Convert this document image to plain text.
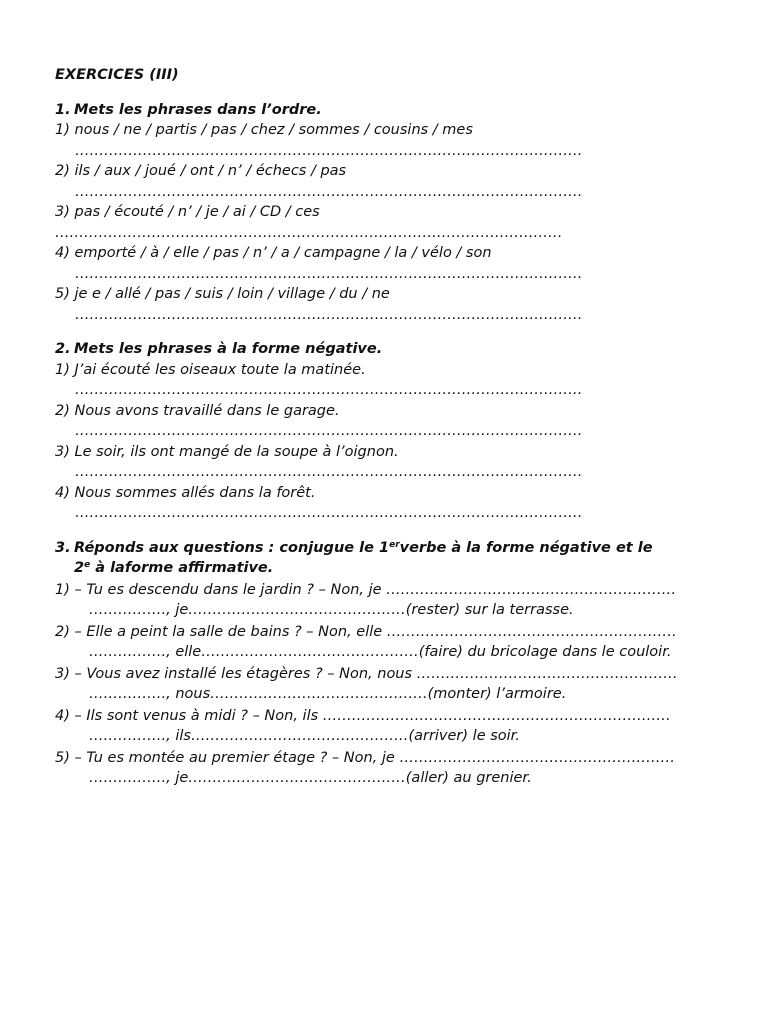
EXERCICES (III)
1. Mets les phrases dans l’ordre.
1) nous / ne / partis / pas / chez / sommes / cousins / mes
……………………………………………………………………………………………
2) ils / aux / joué / ont / n’ / échecs / pas
……………………………………………………………………………………………
3) pas / écouté / n’ / je / ai / CD / ces
……………………………………………………………………………………………
4) emporté / à / elle / pas / n’ / a / campagne / la / vélo / son
……………………………………………………………………………………………
5) je e / allé / pas / suis / loin / village / du / ne
……………………………………………………………………………………………
2. Mets les phrases à la forme négative.
1) J’ai écouté les oiseaux toute la matinée.
……………………………………………………………………………………………
2) Nous avons travaillé dans le garage.
……………………………………………………………………………………………
3) Le soir, ils ont mangé de la soupe à l’oignon.
……………………………………………………………………………………………
4) Nous sommes allés dans la forêt.
……………………………………………………………………………………………
3. Réponds aux questions : conjugue le 1erverbe à la forme négative et le
2e à laforme affirmative.
1) – Tu es descendu dans le jardin ? – Non, je ……………………………………………………
……………., je………………………………………(rester) sur la terrasse.
2) – Elle a peint la salle de bains ? – Non, elle ……………………………………………………
……………., elle………………………………………(faire) du bricolage dans le couloir.
3) – Vous avez installé les étagères ? – Non, nous ………………………………………………
……………., nous………………………………………(monter) l’armoire.
4) – Ils sont venus à midi ? – Non, ils ………………………………………………………………
……………., ils………………………………………(arriver) le soir.
5) – Tu es montée au premier étage ? – Non, je …………………………………………………
……………., je………………………………………(aller) au grenier.
